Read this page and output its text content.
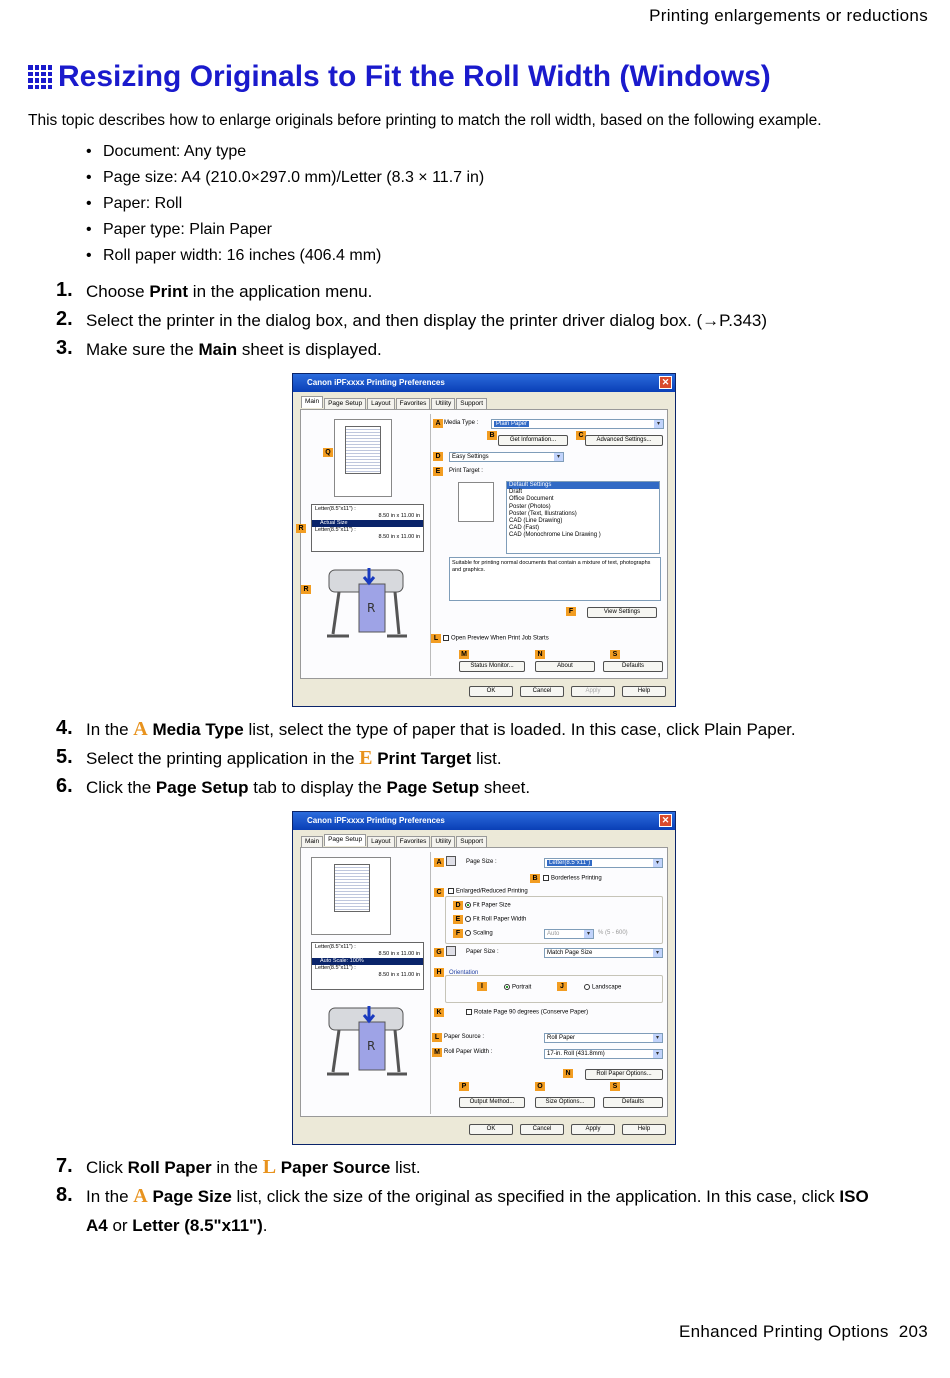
Printing enlargements or reductions
Resizing Originals to Fit the Roll Width (Windows)
This topic describes how to enlarge originals before printing to match the roll width, based on the following example.
• Document: Any type
• Page size: A4 (210.0×297.0 mm)/Letter (8.3 × 11.7 in)
• Paper: Roll
• Paper type: Plain Paper
• Roll paper width: 16 inches (406.4 mm)
1. Choose Print in the application menu.
2. Select the printer in the dialog box, and then display the printer driver dialog box. (→P.343)
3. Make sure the Main sheet is displayed.
Canon iPFxxxx Printing Preferences	✕
Main	Page Setup	Layout	Favorites	Utility	Support
Q
Letter(8.5"x11") :
8.50 in x 11.00 in
Actual Size
Letter(8.5"x11") :
8.50 in x 11.00 in
R
R
R
A Media Type :	Plain Paper ▾
B
Get Information...
C
Advanced Settings...
D	Easy Settings ▾
E	Print Target :
Default Settings
Draft
Office Document
Poster (Photos)
Poster (Text, Illustrations)
CAD (Line Drawing)
CAD (Fast)
CAD (Monochrome Line Drawing )
Suitable for printing normal documents that contain a mixture of text, photographs and graphics.
F	View Settings
L	Open Preview When Print Job Starts
M	N	S
Status Monitor...	About	Defaults
OK	Cancel	Apply	Help
4. In the A Media Type list, select the type of paper that is loaded. In this case, click Plain Paper.
5. Select the printing application in the E Print Target list.
6. Click the Page Setup tab to display the Page Setup sheet.
Canon iPFxxxx Printing Preferences	✕
Main	Page Setup	Layout	Favorites	Utility	Support
Letter(8.5"x11") :
8.50 in x 11.00 in
Auto Scale: 100%
Letter(8.5"x11") :
8.50 in x 11.00 in
R
A	Page Size :	Letter(8.5"x11") ▾
B	Borderless Printing
C	Enlarged/Reduced Printing
D	Fit Paper Size
E	Fit Roll Paper Width
F	Scaling	Auto ▾	% (5 - 600)
G	Paper Size :	Match Page Size ▾
H	Orientation
I	Portrait	J	Landscape
K	Rotate Page 90 degrees (Conserve Paper)
L Paper Source :	Roll Paper ▾
M Roll Paper Width :	17-in. Roll (431.8mm) ▾
N	Roll Paper Options...
P	O	S
Output Method...	Size Options...	Defaults
OK	Cancel	Apply	Help
7. Click Roll Paper in the L Paper Source list.
8. In the A Page Size list, click the size of the original as specified in the application. In this case, click ISO A4 or Letter (8.5"x11").
Enhanced Printing Options 203
